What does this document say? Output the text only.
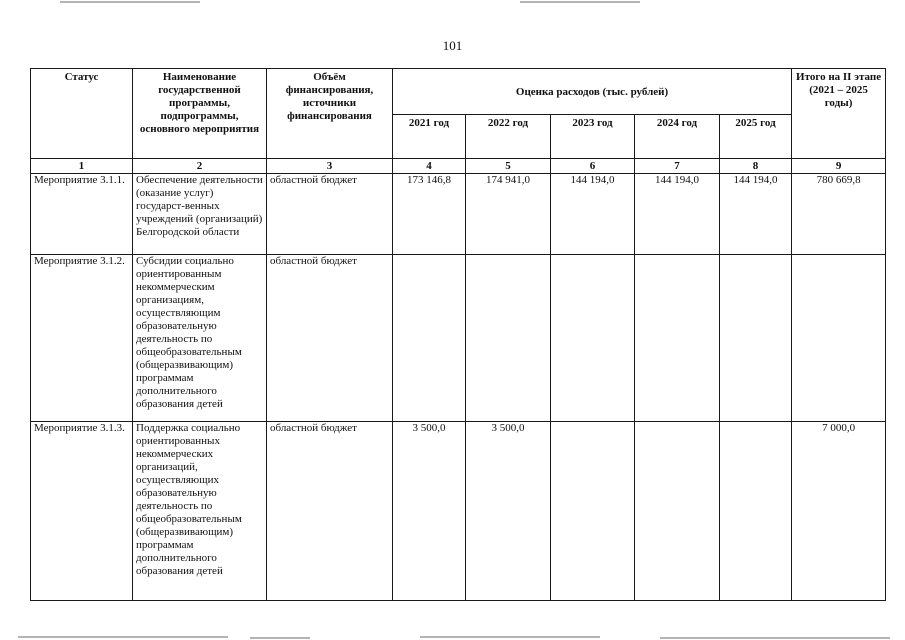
101
Статус	Наименование государственной программы, подпрограммы, основного мероприятия	Объём финансирования, источники финансирования	Оценка расходов (тыс. рублей)					Итого на II этапе (2021 – 2025 годы)
			2021 год	2022 год	2023 год	2024 год	2025 год	
1	2	3	4	5	6	7	8	9
Мероприятие 3.1.1.	Обеспечение деятельности (оказание услуг) государст-венных учреждений (организаций) Белгородской области	областной бюджет	173 146,8	174 941,0	144 194,0	144 194,0	144 194,0	780 669,8
Мероприятие 3.1.2.	Субсидии социально ориентированным некоммерческим организациям, осуществляющим образовательную деятельность по общеобразовательным (общеразвивающим) программам дополнительного образования детей	областной бюджет						
Мероприятие 3.1.3.	Поддержка социально ориентированных некоммерческих организаций, осуществляющих образовательную деятельность по общеобразовательным (общеразвивающим) программам дополнительного образования детей	областной бюджет	3 500,0	3 500,0				7 000,0
